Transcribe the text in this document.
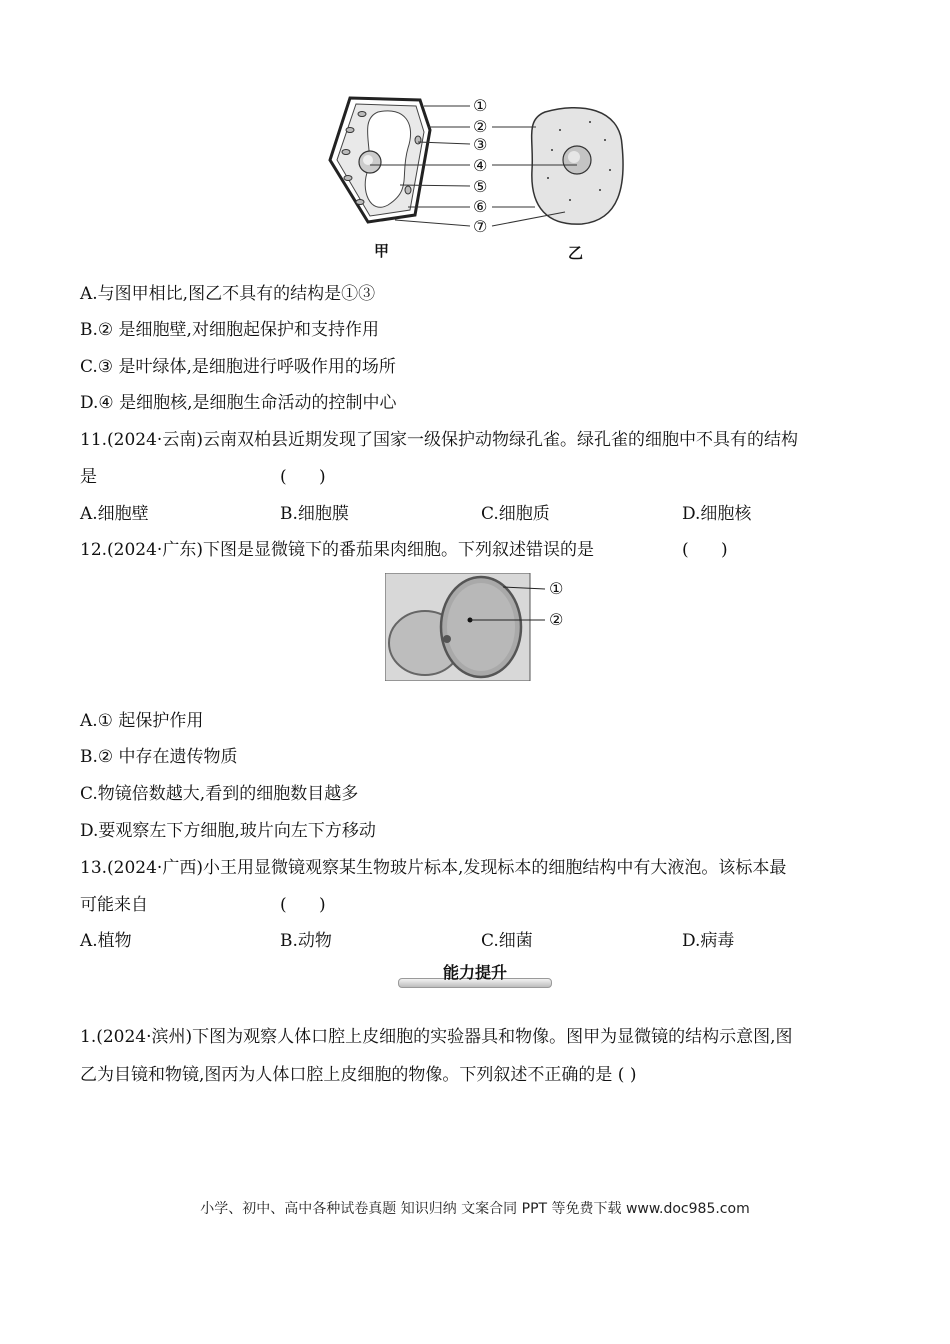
①
②
③
④
⑤
⑥
⑦
甲	乙
A.与图甲相比,图乙不具有的结构是①③
B.② 是细胞壁,对细胞起保护和支持作用
C.③ 是叶绿体,是细胞进行呼吸作用的场所
D.④ 是细胞核,是细胞生命活动的控制中心
11.(2024·云南)云南双柏县近期发现了国家一级保护动物绿孔雀。绿孔雀的细胞中不具有的结构
是	(      )
A.细胞壁	B.细胞膜	C.细胞质	D.细胞核
12.(2024·广东)下图是显微镜下的番茄果肉细胞。下列叙述错误的是	(      )
①
②
A.① 起保护作用
B.② 中存在遗传物质
C.物镜倍数越大,看到的细胞数目越多
D.要观察左下方细胞,玻片向左下方移动
13.(2024·广西)小王用显微镜观察某生物玻片标本,发现标本的细胞结构中有大液泡。该标本最
可能来自	(      )
A.植物	B.动物	C.细菌	D.病毒
能力提升
1.(2024·滨州)下图为观察人体口腔上皮细胞的实验器具和物像。图甲为显微镜的结构示意图,图
乙为目镜和物镜,图丙为人体口腔上皮细胞的物像。下列叙述不正确的是 ( )
小学、初中、高中各种试卷真题 知识归纳 文案合同 PPT 等免费下载 www.doc985.com
